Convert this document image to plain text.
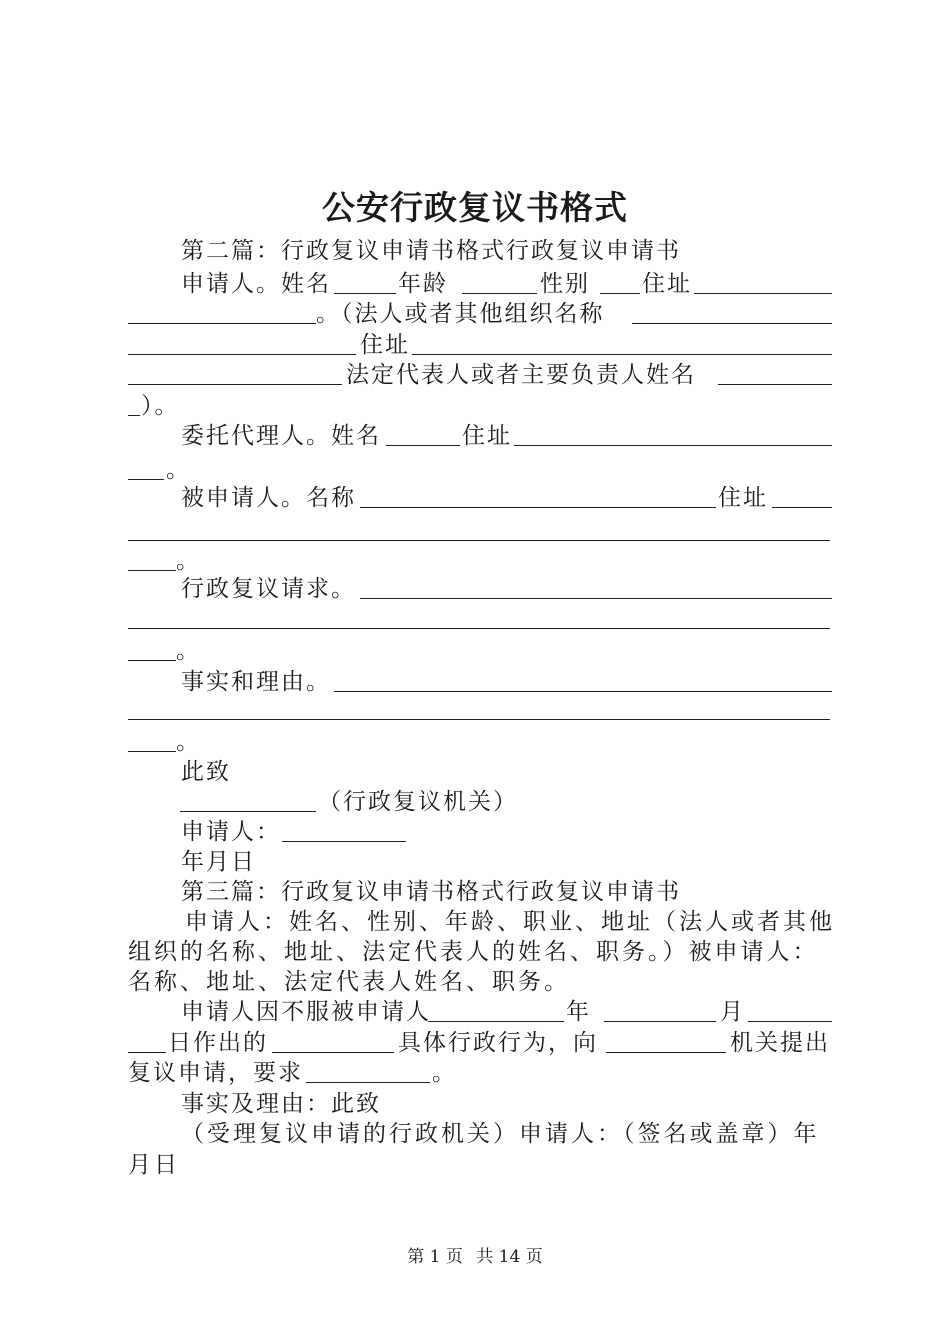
公安行政复议书格式
第二篇：行政复议申请书格式行政复议申请书
申请人。姓名	年龄	性别 住址
。（法人或者其他组织名称
住址
法定代表人或者主要负责人姓名
）。
委托代理人。姓名	住址
。
被申请人。名称	住址
。
行政复议请求。
。
事实和理由。
。
此致
（行政复议机关）
申请人：
年月日
第三篇：行政复议申请书格式行政复议申请书
申请人：姓名、性别、年龄、职业、地址（法人或者其他
组织的名称、地址、法定代表人的姓名、职务。）被申请人：
名称、地址、法定代表人姓名、职务。
申请人因不服被申请人	年	月
日作出的	具体行政行为，向	机关提出
复议申请，要求	。
事实及理由：此致
（受理复议申请的行政机关）申请人：（签名或盖章）年
月日
第 1 页 共 14 页
